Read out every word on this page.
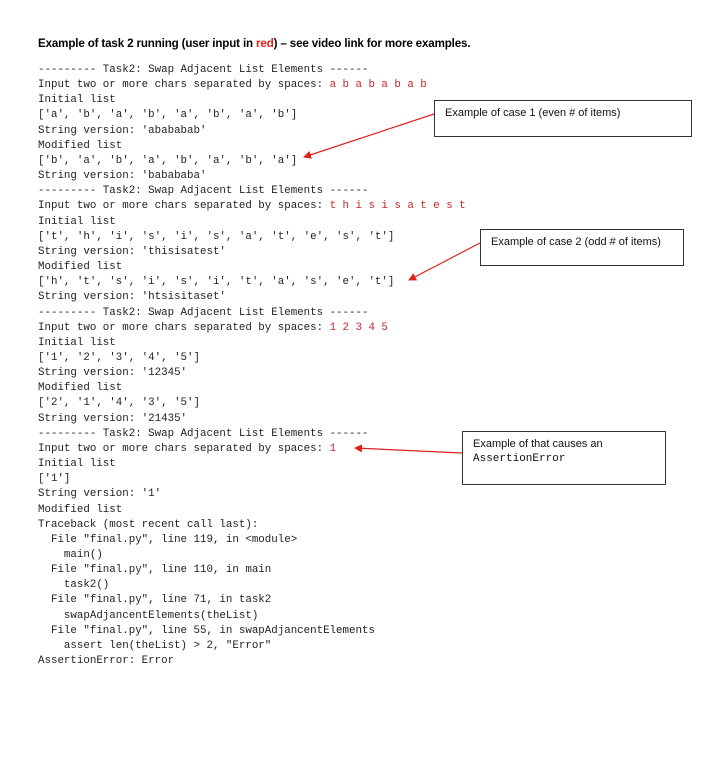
Example of task 2 running (user input in red) – see video link for more examples.
--------- Task2: Swap Adjacent List Elements ------
Input two or more chars separated by spaces: a b a b a b a b
Initial list
['a', 'b', 'a', 'b', 'a', 'b', 'a', 'b']
String version: 'abababab'
Modified list
['b', 'a', 'b', 'a', 'b', 'a', 'b', 'a']
String version: 'babababa'
--------- Task2: Swap Adjacent List Elements ------
Input two or more chars separated by spaces: t h i s i s a t e s t
Initial list
['t', 'h', 'i', 's', 'i', 's', 'a', 't', 'e', 's', 't']
String version: 'thisisatest'
Modified list
['h', 't', 's', 'i', 's', 'i', 't', 'a', 's', 'e', 't']
String version: 'htsisitaset'
--------- Task2: Swap Adjacent List Elements ------
Input two or more chars separated by spaces: 1 2 3 4 5
Initial list
['1', '2', '3', '4', '5']
String version: '12345'
Modified list
['2', '1', '4', '3', '5']
String version: '21435'
--------- Task2: Swap Adjacent List Elements ------
Input two or more chars separated by spaces: 1
Initial list
['1']
String version: '1'
Modified list
Traceback (most recent call last):
File "final.py", line 119, in <module>
main()
File "final.py", line 110, in main
task2()
File "final.py", line 71, in task2
swapAdjancentElements(theList)
File "final.py", line 55, in swapAdjancentElements
assert len(theList) > 2, "Error"
AssertionError: Error
Example of case 1 (even # of items)
Example of case 2 (odd # of items)
Example of that causes an
AssertionError
